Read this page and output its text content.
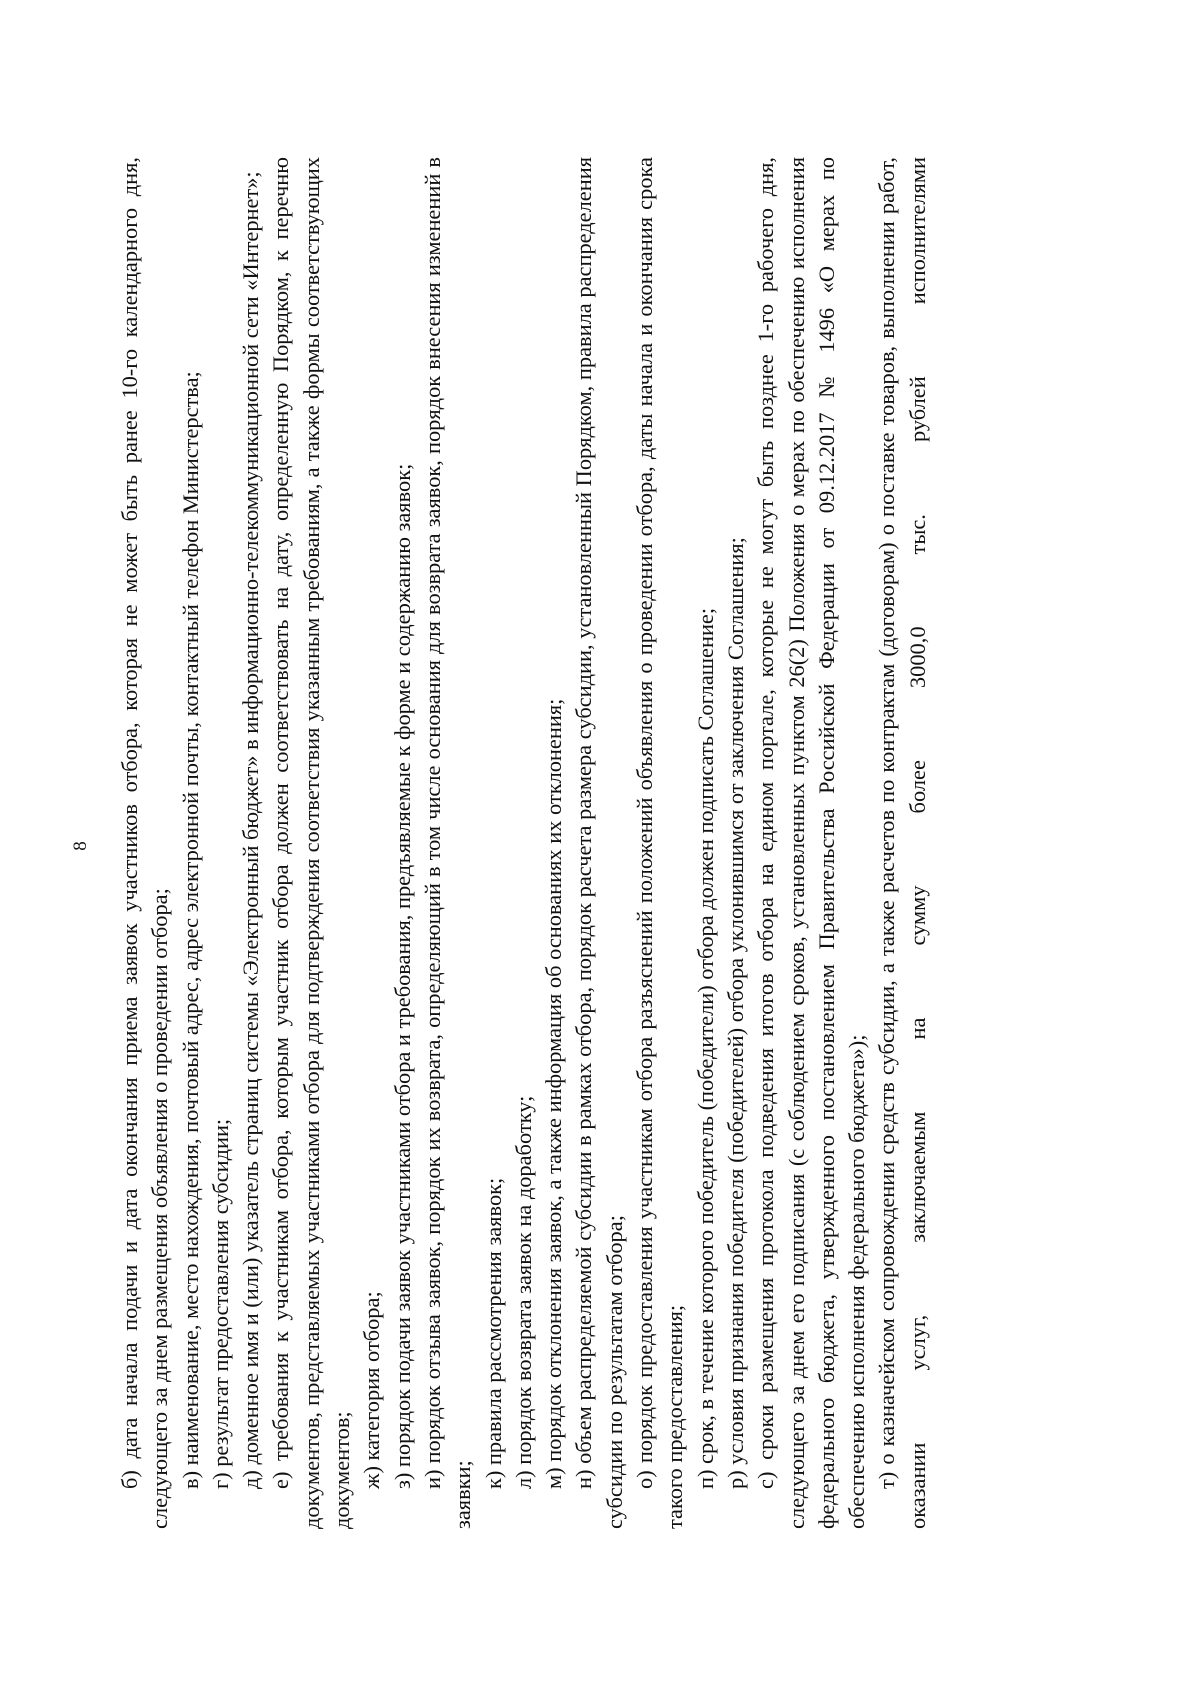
8 б) дата начала подачи и дата окончания приема заявок участников отбора, которая не может быть ранее 10-го календарного дня, следующего за днем размещения объявления о проведении отбора; в) наименование, место нахождения, почтовый адрес, адрес электронной почты, контактный телефон Министерства; г) результат предоставления субсидии; д) доменное имя и (или) указатель страниц системы «Электронный бюджет» в информационно-телекоммуникационной сети «Интернет»; е) требования к участникам отбора, которым участник отбора должен соответствовать на дату, определенную Порядком, к перечню документов, представляемых участниками отбора для подтверждения соответствия указанным требованиям, а также формы соответствующих документов; ж) категория отбора; з) порядок подачи заявок участниками отбора и требования, предъявляемые к форме и содержанию заявок; и) порядок отзыва заявок, порядок их возврата, определяющий в том числе основания для возврата заявок, порядок внесения изменений в заявки;

к) правила рассмотрения заявок; л) порядок возврата заявок на доработку; м) порядок отклонения заявок, а также информация об основаниях их отклонения; н) объем распределяемой субсидии в рамках отбора, порядок расчета размера субсидии, установленный Порядком, правила распределения субсидии по результатам отбора; о) порядок предоставления участникам отбора разъяснений положений объявления о проведении отбора, даты начала и окончания срока такого предоставления; п) срок, в течение которого победитель (победители) отбора должен подписать Соглашение; р) условия признания победителя (победителей) отбора уклонившимся от заключения Соглашения; с) сроки размещения протокола подведения итогов отбора на едином портале, которые не могут быть позднее 1-го рабочего дня, следующего за днем его подписания (с соблюдением сроков, установленных пунктом 26(2) Положения о мерах по обеспечению исполнения федерального бюджета, утвержденного постановлением Правительства Российской Федерации от 09.12.2017 № 1496 «О мерах по обеспечению исполнения федерального бюджета»); т) о казначейском сопровождении средств субсидии, а также расчетов по контрактам (договорам) о поставке товаров, выполнении работ, оказании услуг, заключаемым на сумму более 3000,0 тыс. рублей исполнителями
